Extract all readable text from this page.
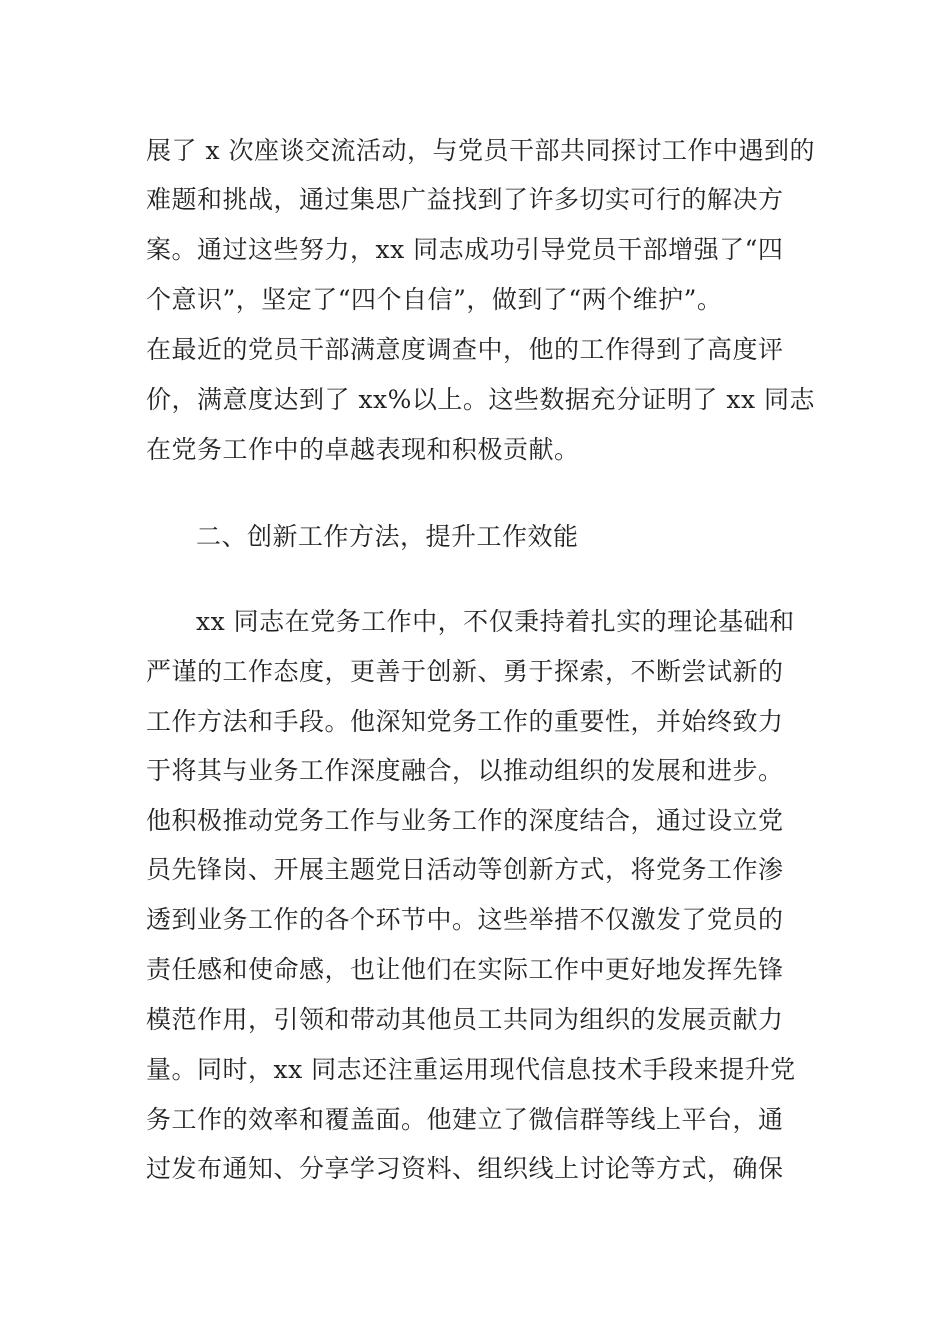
展了 x 次座谈交流活动，与党员干部共同探讨工作中遇到的
难题和挑战，通过集思广益找到了许多切实可行的解决方
案。通过这些努力，xx 同志成功引导党员干部增强了“四
个意识”，坚定了“四个自信”，做到了“两个维护”。
在最近的党员干部满意度调查中，他的工作得到了高度评
价，满意度达到了 xx%以上。这些数据充分证明了 xx 同志
在党务工作中的卓越表现和积极贡献。
二、创新工作方法，提升工作效能
xx 同志在党务工作中，不仅秉持着扎实的理论基础和
严谨的工作态度，更善于创新、勇于探索，不断尝试新的
工作方法和手段。他深知党务工作的重要性，并始终致力
于将其与业务工作深度融合，以推动组织的发展和进步。
他积极推动党务工作与业务工作的深度结合，通过设立党
员先锋岗、开展主题党日活动等创新方式，将党务工作渗
透到业务工作的各个环节中。这些举措不仅激发了党员的
责任感和使命感，也让他们在实际工作中更好地发挥先锋
模范作用，引领和带动其他员工共同为组织的发展贡献力
量。同时，xx 同志还注重运用现代信息技术手段来提升党
务工作的效率和覆盖面。他建立了微信群等线上平台，通
过发布通知、分享学习资料、组织线上讨论等方式，确保
